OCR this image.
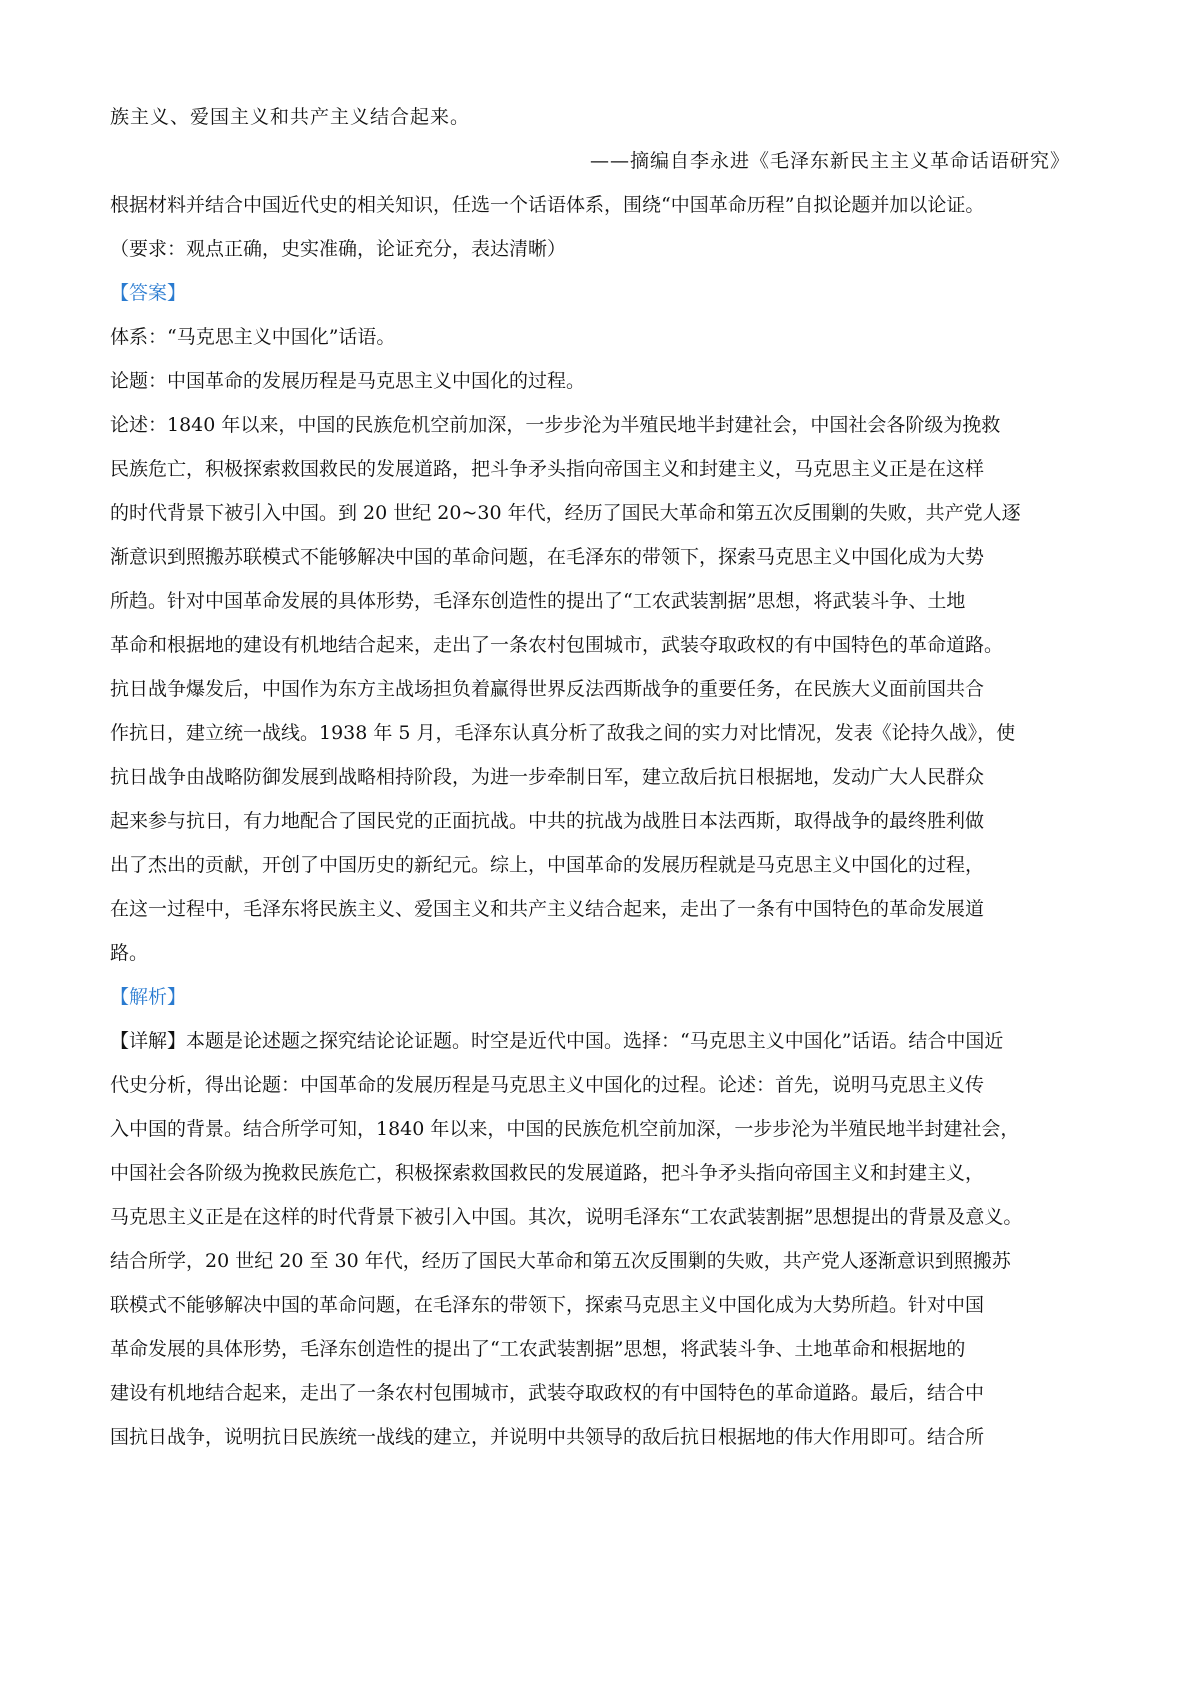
族主义、爱国主义和共产主义结合起来。

——摘编自李永进《毛泽东新民主主义革命话语研究》

根据材料并结合中国近代史的相关知识，任选一个话语体系，围绕“中国革命历程”自拟论题并加以论证。

（要求：观点正确，史实准确，论证充分，表达清晰）

【答案】

体系：“马克思主义中国化”话语。

论题：中国革命的发展历程是马克思主义中国化的过程。

论述：1840 年以来，中国的民族危机空前加深，一步步沦为半殖民地半封建社会，中国社会各阶级为挽救

民族危亡，积极探索救国救民的发展道路，把斗争矛头指向帝国主义和封建主义，马克思主义正是在这样

的时代背景下被引入中国。到 20 世纪 20~30 年代，经历了国民大革命和第五次反围剿的失败，共产党人逐

渐意识到照搬苏联模式不能够解决中国的革命问题，在毛泽东的带领下，探索马克思主义中国化成为大势

所趋。针对中国革命发展的具体形势，毛泽东创造性的提出了“工农武装割据”思想，将武装斗争、土地

革命和根据地的建设有机地结合起来，走出了一条农村包围城市，武装夺取政权的有中国特色的革命道路。

抗日战争爆发后，中国作为东方主战场担负着赢得世界反法西斯战争的重要任务，在民族大义面前国共合

作抗日，建立统一战线。1938 年 5 月，毛泽东认真分析了敌我之间的实力对比情况，发表《论持久战》，使

抗日战争由战略防御发展到战略相持阶段，为进一步牵制日军，建立敌后抗日根据地，发动广大人民群众

起来参与抗日，有力地配合了国民党的正面抗战。中共的抗战为战胜日本法西斯，取得战争的最终胜利做

出了杰出的贡献，开创了中国历史的新纪元。综上，中国革命的发展历程就是马克思主义中国化的过程，

在这一过程中，毛泽东将民族主义、爱国主义和共产主义结合起来，走出了一条有中国特色的革命发展道

路。

【解析】

【详解】本题是论述题之探究结论论证题。时空是近代中国。选择：“马克思主义中国化”话语。结合中国近

代史分析，得出论题：中国革命的发展历程是马克思主义中国化的过程。论述：首先，说明马克思主义传

入中国的背景。结合所学可知，1840 年以来，中国的民族危机空前加深，一步步沦为半殖民地半封建社会，

中国社会各阶级为挽救民族危亡，积极探索救国救民的发展道路，把斗争矛头指向帝国主义和封建主义，

马克思主义正是在这样的时代背景下被引入中国。其次，说明毛泽东“工农武装割据”思想提出的背景及意义。

结合所学，20 世纪 20 至 30 年代，经历了国民大革命和第五次反围剿的失败，共产党人逐渐意识到照搬苏

联模式不能够解决中国的革命问题，在毛泽东的带领下，探索马克思主义中国化成为大势所趋。针对中国

革命发展的具体形势，毛泽东创造性的提出了“工农武装割据”思想，将武装斗争、土地革命和根据地的

建设有机地结合起来，走出了一条农村包围城市，武装夺取政权的有中国特色的革命道路。最后，结合中

国抗日战争，说明抗日民族统一战线的建立，并说明中共领导的敌后抗日根据地的伟大作用即可。结合所
